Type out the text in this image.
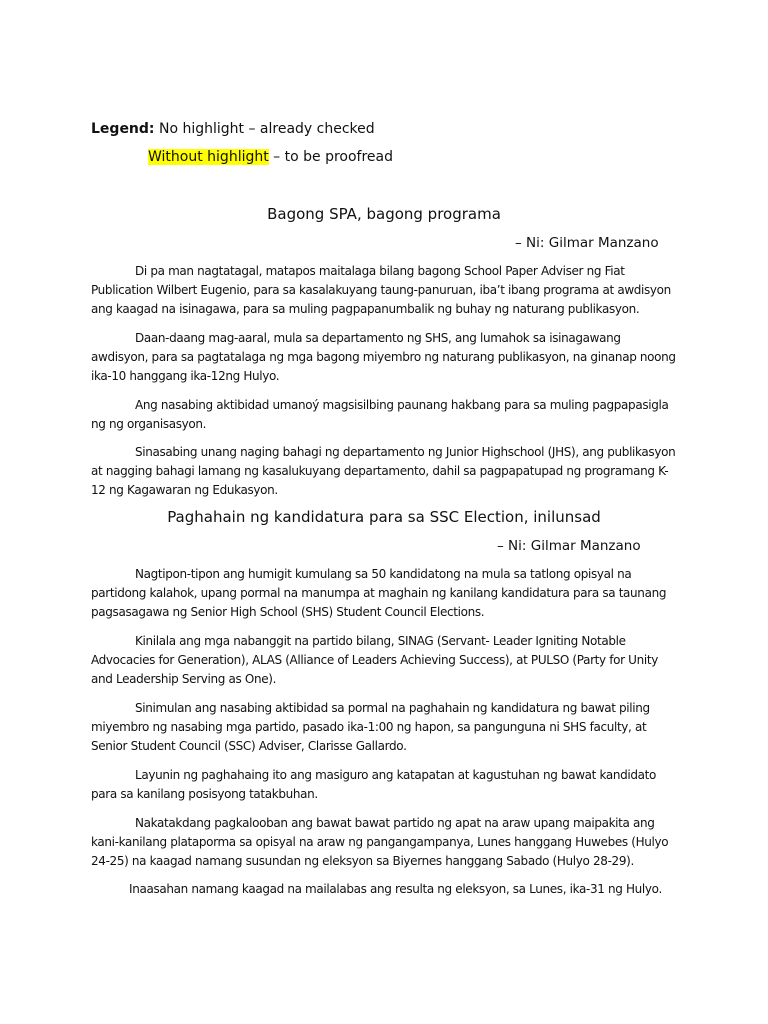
Legend: No highlight – already checked
Without highlight – to be proofread
Bagong SPA, bagong programa
– Ni: Gilmar Manzano

Di pa man nagtatagal, matapos maitalaga bilang bagong School Paper Adviser ng Fiat Publication Wilbert Eugenio, para sa kasalakuyang taung-panuruan, iba’t ibang programa at awdisyon ang kaagad na isinagawa, para sa muling pagpapanumbalik ng buhay ng naturang publikasyon.

Daan-daang mag-aaral, mula sa departamento ng SHS, ang lumahok sa isinagawang awdisyon, para sa pagtatalaga ng mga bagong miyembro ng naturang publikasyon, na ginanap noong ika-10 hanggang ika-12ng Hulyo.

Ang nasabing aktibidad umanoý magsisilbing paunang hakbang para sa muling pagpapasigla ng ng organisasyon.

Sinasabing unang naging bahagi ng departamento ng Junior Highschool (JHS), ang publikasyon at nagging bahagi lamang ng kasalukuyang departamento, dahil sa pagpapatupad ng programang K-12 ng Kagawaran ng Edukasyon.

Paghahain ng kandidatura para sa SSC Election, inilunsad
– Ni: Gilmar Manzano

Nagtipon-tipon ang humigit kumulang sa 50 kandidatong na mula sa tatlong opisyal na partidong kalahok, upang pormal na manumpa at maghain ng kanilang kandidatura para sa taunang pagsasagawa ng Senior High School (SHS) Student Council Elections.

Kinilala ang mga nabanggit na partido bilang, SINAG (Servant- Leader Igniting Notable Advocacies for Generation), ALAS (Alliance of Leaders Achieving Success), at PULSO (Party for Unity and Leadership Serving as One).

Sinimulan ang nasabing aktibidad sa pormal na paghahain ng kandidatura ng bawat piling miyembro ng nasabing mga partido, pasado ika-1:00 ng hapon, sa pangunguna ni SHS faculty, at Senior Student Council (SSC) Adviser, Clarisse Gallardo.

Layunin ng paghahaing ito ang masiguro ang katapatan at kagustuhan ng bawat kandidato para sa kanilang posisyong tatakbuhan.

Nakatakdang pagkalooban ang bawat bawat partido ng apat na araw upang maipakita ang kani-kanilang plataporma sa opisyal na araw ng pangangampanya, Lunes hanggang Huwebes (Hulyo 24-25) na kaagad namang susundan ng eleksyon sa Biyernes hanggang Sabado (Hulyo 28-29).

Inaasahan namang kaagad na mailalabas ang resulta ng eleksyon, sa Lunes, ika-31 ng Hulyo.
